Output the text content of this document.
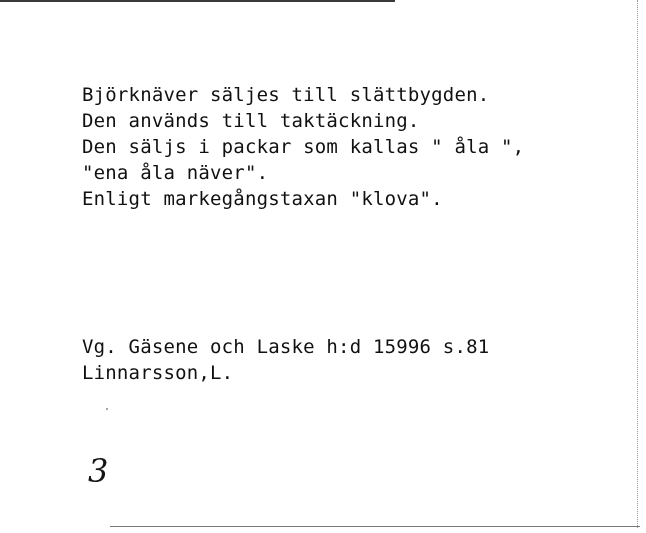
Björknäver säljes till slättbygden.
Den används till taktäckning.
Den säljs i packar som kallas " åla ",
"ena åla näver".
Enligt markegångstaxan "klova".
Vg. Gäsene och Laske h:d 15996 s.81
Linnarsson,L.
3
